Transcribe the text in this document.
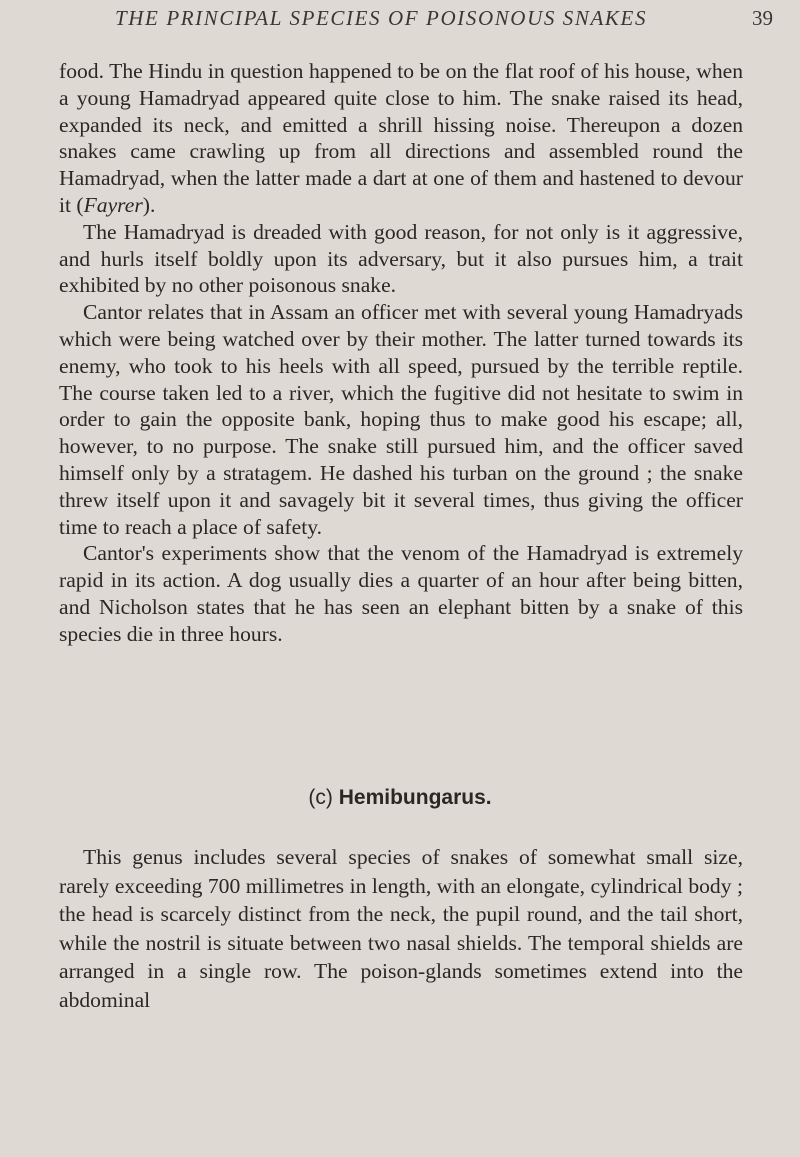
THE PRINCIPAL SPECIES OF POISONOUS SNAKES	39

food. The Hindu in question happened to be on the flat roof of his house, when a young Hamadryad appeared quite close to him. The snake raised its head, expanded its neck, and emitted a shrill hissing noise. Thereupon a dozen snakes came crawling up from all directions and assembled round the Hamadryad, when the latter made a dart at one of them and hastened to devour it (Fayrer).

The Hamadryad is dreaded with good reason, for not only is it aggressive, and hurls itself boldly upon its adversary, but it also pursues him, a trait exhibited by no other poisonous snake.

Cantor relates that in Assam an officer met with several young Hamadryads which were being watched over by their mother. The latter turned towards its enemy, who took to his heels with all speed, pursued by the terrible reptile. The course taken led to a river, which the fugitive did not hesitate to swim in order to gain the opposite bank, hoping thus to make good his escape; all, however, to no purpose. The snake still pursued him, and the officer saved himself only by a stratagem. He dashed his turban on the ground ; the snake threw itself upon it and savagely bit it several times, thus giving the officer time to reach a place of safety.

Cantor's experiments show that the venom of the Hamadryad is extremely rapid in its action. A dog usually dies a quarter of an hour after being bitten, and Nicholson states that he has seen an elephant bitten by a snake of this species die in three hours.

(c) Hemibungarus.

This genus includes several species of snakes of somewhat small size, rarely exceeding 700 millimetres in length, with an elongate, cylindrical body ; the head is scarcely distinct from the neck, the pupil round, and the tail short, while the nostril is situate between two nasal shields. The temporal shields are arranged in a single row. The poison-glands sometimes extend into the abdominal
